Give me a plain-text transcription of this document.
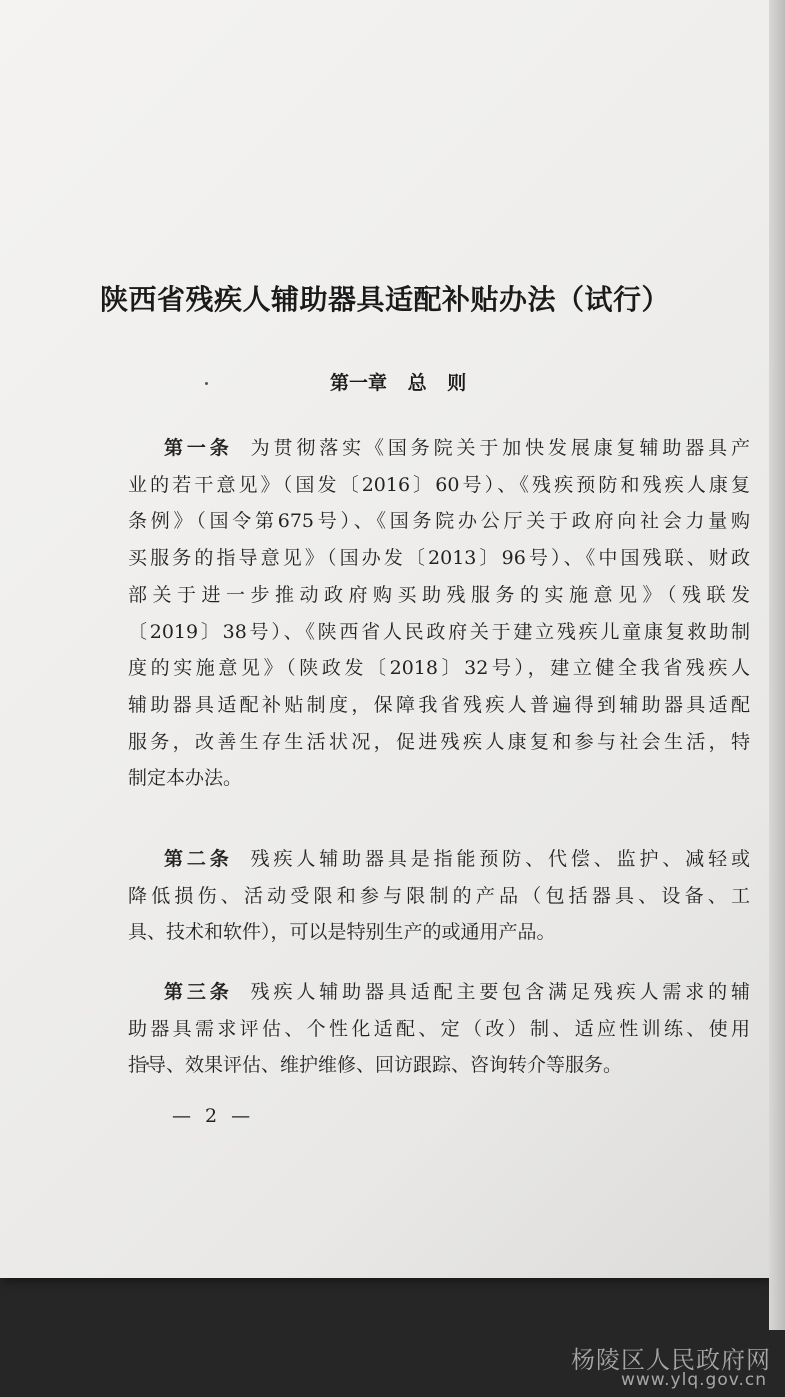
陕西省残疾人辅助器具适配补贴办法（试行）
第一章 总 则
第一条 为贯彻落实《国务院关于加快发展康复辅助器具产
业的若干意见》（国发〔2016〕60号）、《残疾预防和残疾人康复
条例》（国令第675号）、《国务院办公厅关于政府向社会力量购
买服务的指导意见》（国办发〔2013〕96号）、《中国残联、财政
部关于进一步推动政府购买助残服务的实施意见》（残联发
〔2019〕38号）、《陕西省人民政府关于建立残疾儿童康复救助制
度的实施意见》（陕政发〔2018〕32号），建立健全我省残疾人
辅助器具适配补贴制度，保障我省残疾人普遍得到辅助器具适配
服务，改善生存生活状况，促进残疾人康复和参与社会生活，特
制定本办法。
第二条 残疾人辅助器具是指能预防、代偿、监护、减轻或
降低损伤、活动受限和参与限制的产品（包括器具、设备、工
具、技术和软件），可以是特别生产的或通用产品。
第三条 残疾人辅助器具适配主要包含满足残疾人需求的辅
助器具需求评估、个性化适配、定（改）制、适应性训练、使用
指导、效果评估、维护维修、回访跟踪、咨询转介等服务。
— 2 —
杨陵区人民政府网
www.ylq.gov.cn
